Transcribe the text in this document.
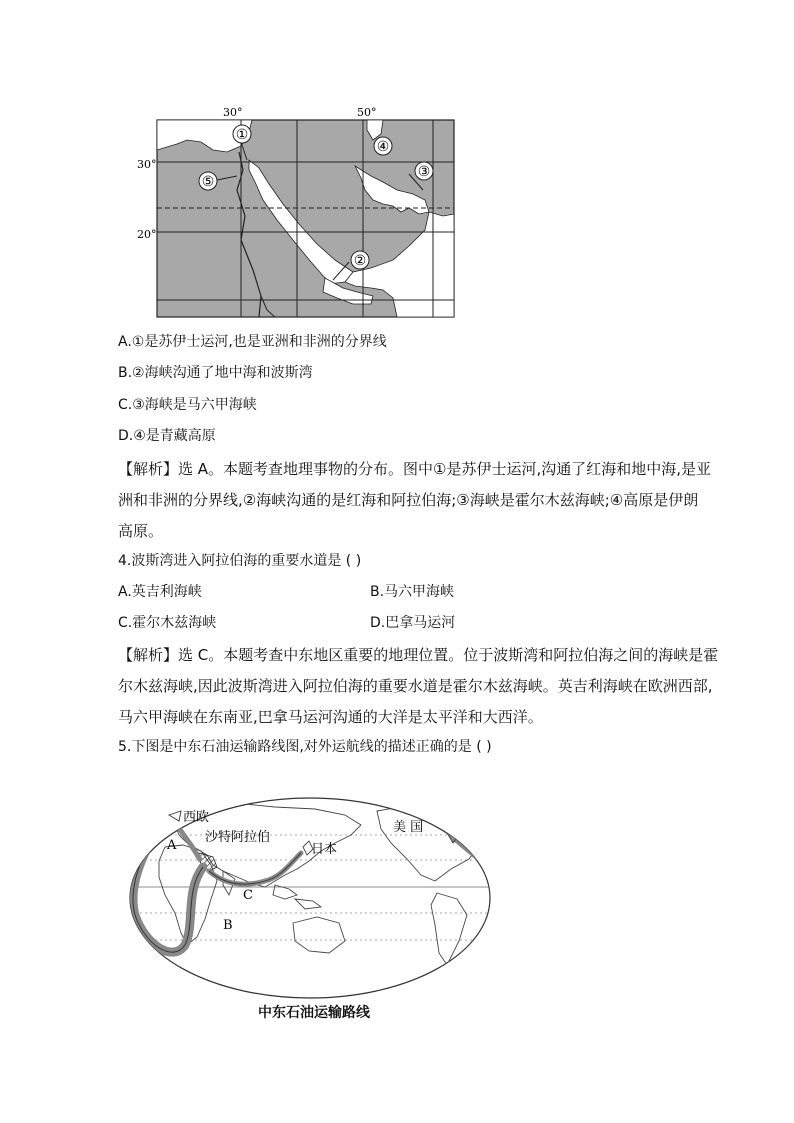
30°	50°
30°
20°
①
②
③
④
⑤
A.①是苏伊士运河,也是亚洲和非洲的分界线
B.②海峡沟通了地中海和波斯湾
C.③海峡是马六甲海峡
D.④是青藏高原
【解析】选 A。本题考查地理事物的分布。图中①是苏伊士运河,沟通了红海和地中海,是亚
洲和非洲的分界线,②海峡沟通的是红海和阿拉伯海;③海峡是霍尔木兹海峡;④高原是伊朗
高原。
4.波斯湾进入阿拉伯海的重要水道是 ( )
A.英吉利海峡	B.马六甲海峡
C.霍尔木兹海峡	D.巴拿马运河
【解析】选 C。本题考查中东地区重要的地理位置。位于波斯湾和阿拉伯海之间的海峡是霍
尔木兹海峡,因此波斯湾进入阿拉伯海的重要水道是霍尔木兹海峡。英吉利海峡在欧洲西部,
马六甲海峡在东南亚,巴拿马运河沟通的大洋是太平洋和大西洋。
5.下图是中东石油运输路线图,对外运航线的描述正确的是 ( )
西欧
沙特阿拉伯
日本
美 国
A
B
C
中东石油运输路线
